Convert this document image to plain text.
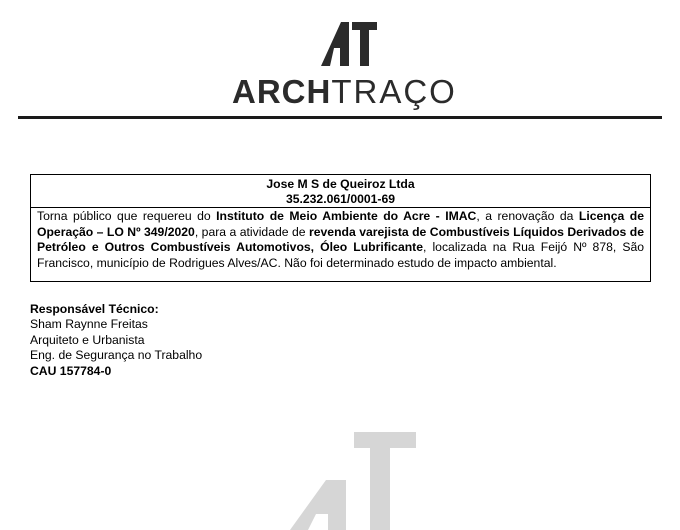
ARCHTRAÇO
Jose M S de Queiroz Ltda
35.232.061/0001-69
Torna público que requereu do Instituto de Meio Ambiente do Acre - IMAC, a renovação da Licença de Operação – LO Nº 349/2020, para a atividade de revenda varejista de Combustíveis Líquidos Derivados de Petróleo e Outros Combustíveis Automotivos, Óleo Lubrificante, localizada na Rua Feijó Nº 878, São Francisco, município de Rodrigues Alves/AC. Não foi determinado estudo de impacto ambiental.
Responsável Técnico:
Sham Raynne Freitas
Arquiteto e Urbanista
Eng. de Segurança no Trabalho
CAU 157784-0
